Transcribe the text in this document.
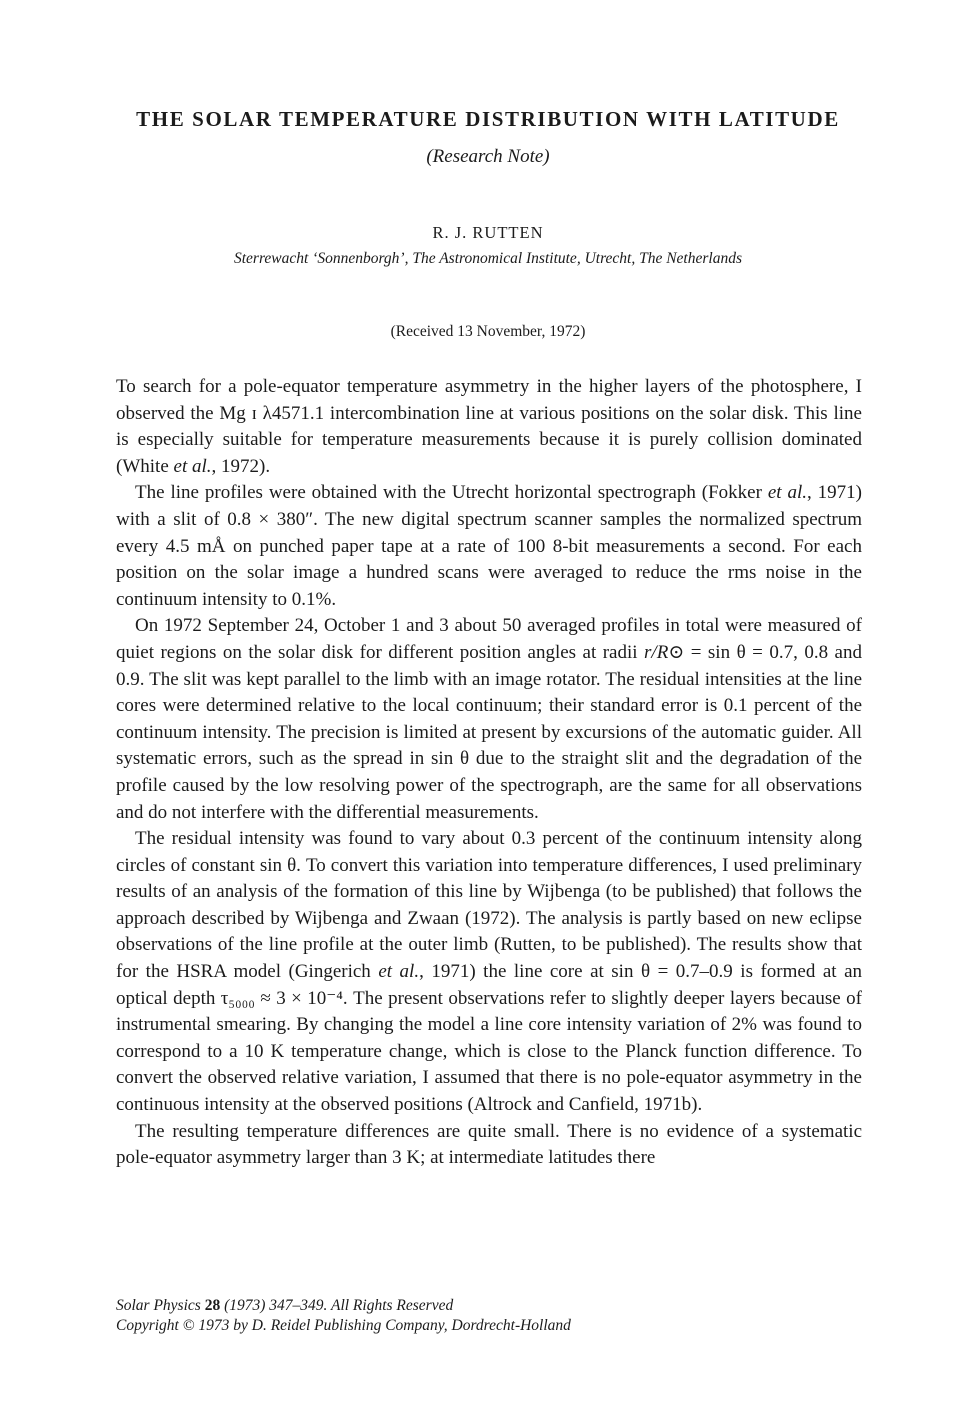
THE SOLAR TEMPERATURE DISTRIBUTION WITH LATITUDE
(Research Note)
R. J. RUTTEN
Sterrewacht ‘Sonnenborgh’, The Astronomical Institute, Utrecht, The Netherlands
(Received 13 November, 1972)

To search for a pole-equator temperature asymmetry in the higher layers of the photosphere, I observed the Mg ɪ λ4571.1 intercombination line at various positions on the solar disk. This line is especially suitable for temperature measurements because it is purely collision dominated (White et al., 1972).

The line profiles were obtained with the Utrecht horizontal spectrograph (Fokker et al., 1971) with a slit of 0.8 × 380″. The new digital spectrum scanner samples the normalized spectrum every 4.5 mÅ on punched paper tape at a rate of 100 8-bit measurements a second. For each position on the solar image a hundred scans were averaged to reduce the rms noise in the continuum intensity to 0.1%.

On 1972 September 24, October 1 and 3 about 50 averaged profiles in total were measured of quiet regions on the solar disk for different position angles at radii r/R⊙ = sin θ = 0.7, 0.8 and 0.9. The slit was kept parallel to the limb with an image rotator. The residual intensities at the line cores were determined relative to the local continuum; their standard error is 0.1 percent of the continuum intensity. The precision is limited at present by excursions of the automatic guider. All systematic errors, such as the spread in sin θ due to the straight slit and the degradation of the profile caused by the low resolving power of the spectrograph, are the same for all observations and do not interfere with the differential measurements.

The residual intensity was found to vary about 0.3 percent of the continuum intensity along circles of constant sin θ. To convert this variation into temperature differences, I used preliminary results of an analysis of the formation of this line by Wijbenga (to be published) that follows the approach described by Wijbenga and Zwaan (1972). The analysis is partly based on new eclipse observations of the line profile at the outer limb (Rutten, to be published). The results show that for the HSRA model (Gingerich et al., 1971) the line core at sin θ = 0.7–0.9 is formed at an optical depth τ₅₀₀₀ ≈ 3 × 10⁻⁴. The present observations refer to slightly deeper layers because of instrumental smearing. By changing the model a line core intensity variation of 2% was found to correspond to a 10 K temperature change, which is close to the Planck function difference. To convert the observed relative variation, I assumed that there is no pole-equator asymmetry in the continuous intensity at the observed positions (Altrock and Canfield, 1971b).

The resulting temperature differences are quite small. There is no evidence of a systematic pole-equator asymmetry larger than 3 K; at intermediate latitudes there

Solar Physics 28 (1973) 347–349. All Rights Reserved
Copyright © 1973 by D. Reidel Publishing Company, Dordrecht-Holland
